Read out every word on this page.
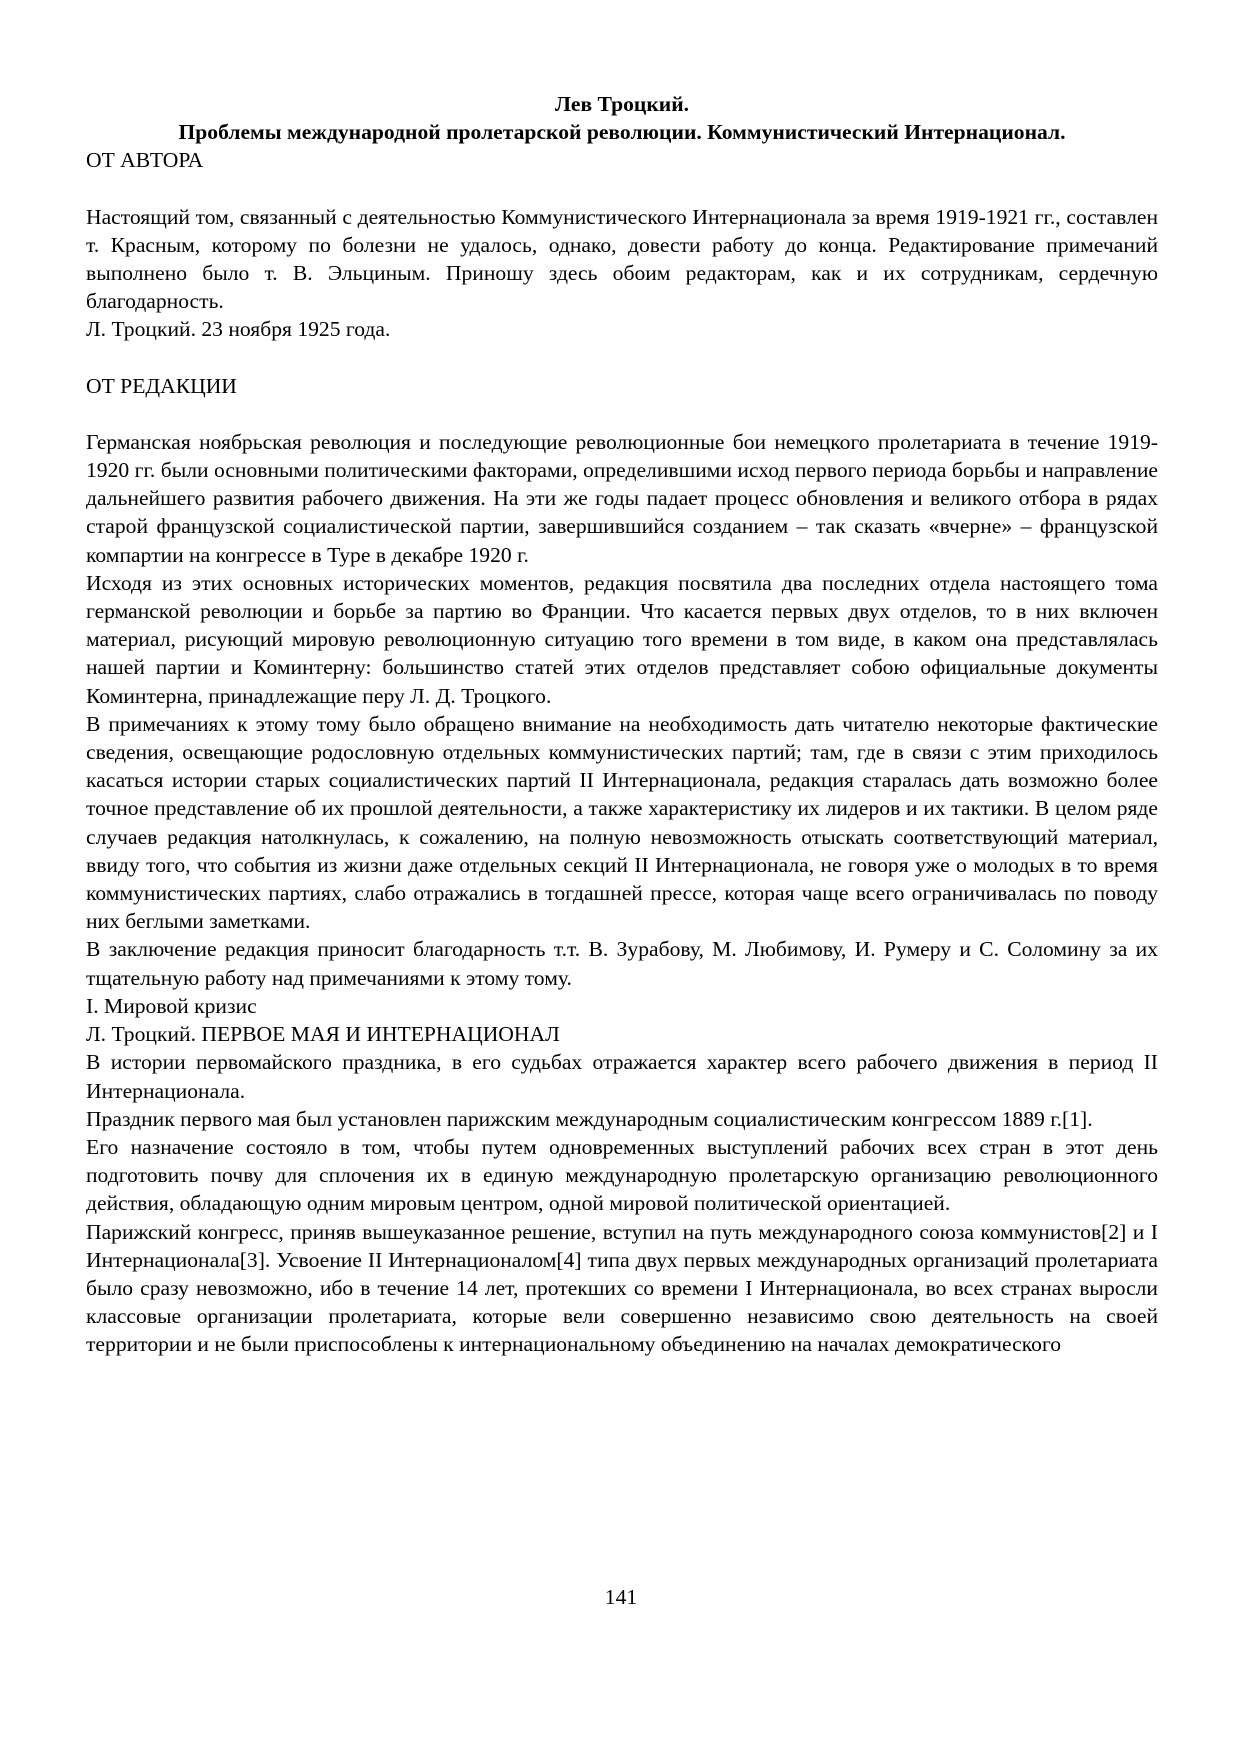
Лев Троцкий.

Проблемы международной пролетарской революции. Коммунистический Интернационал.

ОТ АВТОРА

Настоящий том, связанный с деятельностью Коммунистического Интернационала за время 1919-1921 гг., составлен т. Красным, которому по болезни не удалось, однако, довести работу до конца. Редактирование примечаний выполнено было т. В. Эльциным. Приношу здесь обоим редакторам, как и их сотрудникам, сердечную благодарность.

Л. Троцкий. 23 ноября 1925 года.

ОТ РЕДАКЦИИ

Германская ноябрьская революция и последующие революционные бои немецкого пролетариата в течение 1919-1920 гг. были основными политическими факторами, определившими исход первого периода борьбы и направление дальнейшего развития рабочего движения. На эти же годы падает процесс обновления и великого отбора в рядах старой французской социалистической партии, завершившийся созданием – так сказать «вчерне» – французской компартии на конгрессе в Туре в декабре 1920 г.

Исходя из этих основных исторических моментов, редакция посвятила два последних отдела настоящего тома германской революции и борьбе за партию во Франции. Что касается первых двух отделов, то в них включен материал, рисующий мировую революционную ситуацию того времени в том виде, в каком она представлялась нашей партии и Коминтерну: большинство статей этих отделов представляет собою официальные документы Коминтерна, принадлежащие перу Л. Д. Троцкого.

В примечаниях к этому тому было обращено внимание на необходимость дать читателю некоторые фактические сведения, освещающие родословную отдельных коммунистических партий; там, где в связи с этим приходилось касаться истории старых социалистических партий II Интернационала, редакция старалась дать возможно более точное представление об их прошлой деятельности, а также характеристику их лидеров и их тактики. В целом ряде случаев редакция натолкнулась, к сожалению, на полную невозможность отыскать соответствующий материал, ввиду того, что события из жизни даже отдельных секций II Интернационала, не говоря уже о молодых в то время коммунистических партиях, слабо отражались в тогдашней прессе, которая чаще всего ограничивалась по поводу них беглыми заметками.

В заключение редакция приносит благодарность т.т. В. Зурабову, М. Любимову, И. Румеру и С. Соломину за их тщательную работу над примечаниями к этому тому.

I. Мировой кризис

Л. Троцкий. ПЕРВОЕ МАЯ И ИНТЕРНАЦИОНАЛ

В истории первомайского праздника, в его судьбах отражается характер всего рабочего движения в период II Интернационала.

Праздник первого мая был установлен парижским международным социалистическим конгрессом 1889 г.[1].

Его назначение состояло в том, чтобы путем одновременных выступлений рабочих всех стран в этот день подготовить почву для сплочения их в единую международную пролетарскую организацию революционного действия, обладающую одним мировым центром, одной мировой политической ориентацией.

Парижский конгресс, приняв вышеуказанное решение, вступил на путь международного союза коммунистов[2] и I Интернационала[3]. Усвоение II Интернационалом[4] типа двух первых международных организаций пролетариата было сразу невозможно, ибо в течение 14 лет, протекших со времени I Интернационала, во всех странах выросли классовые организации пролетариата, которые вели совершенно независимо свою деятельность на своей территории и не были приспособлены к интернациональному объединению на началах демократического

141
